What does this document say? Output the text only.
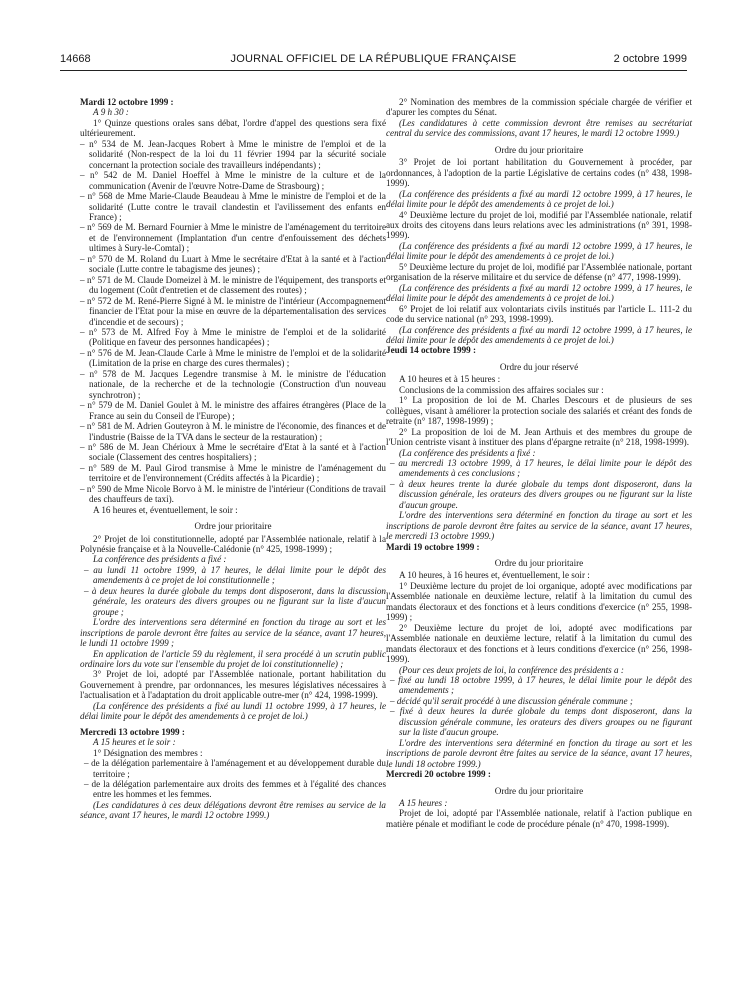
14668	JOURNAL OFFICIEL DE LA RÉPUBLIQUE FRANÇAISE	2 octobre 1999

Mardi 12 octobre 1999 :

A 9 h 30 :

1° Quinze questions orales sans débat, l'ordre d'appel des questions sera fixé ultérieurement.

– n° 534 de M. Jean-Jacques Robert à Mme le ministre de l'emploi et de la solidarité (Non-respect de la loi du 11 février 1994 par la sécurité sociale concernant la protection sociale des travailleurs indépendants) ;

– n° 542 de M. Daniel Hoeffel à Mme le ministre de la culture et de la communication (Avenir de l'œuvre Notre-Dame de Strasbourg) ;

– n° 568 de Mme Marie-Claude Beaudeau à Mme le ministre de l'emploi et de la solidarité (Lutte contre le travail clandestin et l'avilissement des enfants en France) ;

– n° 569 de M. Bernard Fournier à Mme le ministre de l'aménagement du territoire et de l'environnement (Implantation d'un centre d'enfouissement des déchets ultimes à Sury-le-Comtal) ;

– n° 570 de M. Roland du Luart à Mme le secrétaire d'Etat à la santé et à l'action sociale (Lutte contre le tabagisme des jeunes) ;

– n° 571 de M. Claude Domeizel à M. le ministre de l'équipement, des transports et du logement (Coût d'entretien et de classement des routes) ;

– n° 572 de M. René-Pierre Signé à M. le ministre de l'intérieur (Accompagnement financier de l'Etat pour la mise en œuvre de la départementalisation des services d'incendie et de secours) ;

– n° 573 de M. Alfred Foy à Mme le ministre de l'emploi et de la solidarité (Politique en faveur des personnes handicapées) ;

– n° 576 de M. Jean-Claude Carle à Mme le ministre de l'emploi et de la solidarité (Limitation de la prise en charge des cures thermales) ;

– n° 578 de M. Jacques Legendre transmise à M. le ministre de l'éducation nationale, de la recherche et de la technologie (Construction d'un nouveau synchrotron) ;

– n° 579 de M. Daniel Goulet à M. le ministre des affaires étrangères (Place de la France au sein du Conseil de l'Europe) ;

– n° 581 de M. Adrien Gouteyron à M. le ministre de l'économie, des finances et de l'industrie (Baisse de la TVA dans le secteur de la restauration) ;

– n° 586 de M. Jean Chérioux à Mme le secrétaire d'Etat à la santé et à l'action sociale (Classement des centres hospitaliers) ;

– n° 589 de M. Paul Girod transmise à Mme le ministre de l'aménagement du territoire et de l'environnement (Crédits affectés à la Picardie) ;

– n° 590 de Mme Nicole Borvo à M. le ministre de l'intérieur (Conditions de travail des chauffeurs de taxi).

A 16 heures et, éventuellement, le soir :

Ordre jour prioritaire

2° Projet de loi constitutionnelle, adopté par l'Assemblée nationale, relatif à la Polynésie française et à la Nouvelle-Calédonie (n° 425, 1998-1999) ;

La conférence des présidents a fixé :

– au lundi 11 octobre 1999, à 17 heures, le délai limite pour le dépôt des amendements à ce projet de loi constitutionnelle ;

– à deux heures la durée globale du temps dont disposeront, dans la discussion générale, les orateurs des divers groupes ou ne figurant sur la liste d'aucun groupe ;

L'ordre des interventions sera déterminé en fonction du tirage au sort et les inscriptions de parole devront être faites au service de la séance, avant 17 heures, le lundi 11 octobre 1999 ;

En application de l'article 59 du règlement, il sera procédé à un scrutin public ordinaire lors du vote sur l'ensemble du projet de loi constitutionnelle) ;

3° Projet de loi, adopté par l'Assemblée nationale, portant habilitation du Gouvernement à prendre, par ordonnances, les mesures législatives nécessaires à l'actualisation et à l'adaptation du droit applicable outre-mer (n° 424, 1998-1999).

(La conférence des présidents a fixé au lundi 11 octobre 1999, à 17 heures, le délai limite pour le dépôt des amendements à ce projet de loi.)

Mercredi 13 octobre 1999 :

A 15 heures et le soir :

1° Désignation des membres :

– de la délégation parlementaire à l'aménagement et au développement durable du territoire ;

– de la délégation parlementaire aux droits des femmes et à l'égalité des chances entre les hommes et les femmes.

(Les candidatures à ces deux délégations devront être remises au service de la séance, avant 17 heures, le mardi 12 octobre 1999.)

2° Nomination des membres de la commission spéciale chargée de vérifier et d'apurer les comptes du Sénat.

(Les candidatures à cette commission devront être remises au secrétariat central du service des commissions, avant 17 heures, le mardi 12 octobre 1999.)

Ordre du jour prioritaire

3° Projet de loi portant habilitation du Gouvernement à procéder, par ordonnances, à l'adoption de la partie Législative de certains codes (n° 438, 1998-1999).

(La conférence des présidents a fixé au mardi 12 octobre 1999, à 17 heures, le délai limite pour le dépôt des amendements à ce projet de loi.)

4° Deuxième lecture du projet de loi, modifié par l'Assemblée nationale, relatif aux droits des citoyens dans leurs relations avec les administrations (n° 391, 1998-1999).

(La conférence des présidents a fixé au mardi 12 octobre 1999, à 17 heures, le délai limite pour le dépôt des amendements à ce projet de loi.)

5° Deuxième lecture du projet de loi, modifié par l'Assemblée nationale, portant organisation de la réserve militaire et du service de défense (n° 477, 1998-1999).

(La conférence des présidents a fixé au mardi 12 octobre 1999, à 17 heures, le délai limite pour le dépôt des amendements à ce projet de loi.)

6° Projet de loi relatif aux volontariats civils institués par l'article L. 111-2 du code du service national (n° 293, 1998-1999).

(La conférence des présidents a fixé au mardi 12 octobre 1999, à 17 heures, le délai limite pour le dépôt des amendements à ce projet de loi.)

Jeudi 14 octobre 1999 :

Ordre du jour réservé

A 10 heures et à 15 heures :

Conclusions de la commission des affaires sociales sur :

1° La proposition de loi de M. Charles Descours et de plusieurs de ses collègues, visant à améliorer la protection sociale des salariés et créant des fonds de retraite (n° 187, 1998-1999) ;

2° La proposition de loi de M. Jean Arthuis et des membres du groupe de l'Union centriste visant à instituer des plans d'épargne retraite (n° 218, 1998-1999).

(La conférence des présidents a fixé :

– au mercredi 13 octobre 1999, à 17 heures, le délai limite pour le dépôt des amendements à ces conclusions ;

– à deux heures trente la durée globale du temps dont disposeront, dans la discussion générale, les orateurs des divers groupes ou ne figurant sur la liste d'aucun groupe.

L'ordre des interventions sera déterminé en fonction du tirage au sort et les inscriptions de parole devront être faites au service de la séance, avant 17 heures, le mercredi 13 octobre 1999.)

Mardi 19 octobre 1999 :

Ordre du jour prioritaire

A 10 heures, à 16 heures et, éventuellement, le soir :

1° Deuxième lecture du projet de loi organique, adopté avec modifications par l'Assemblée nationale en deuxième lecture, relatif à la limitation du cumul des mandats électoraux et des fonctions et à leurs conditions d'exercice (n° 255, 1998-1999) ;

2° Deuxième lecture du projet de loi, adopté avec modifications par l'Assemblée nationale en deuxième lecture, relatif à la limitation du cumul des mandats électoraux et des fonctions et à leurs conditions d'exercice (n° 256, 1998-1999).

(Pour ces deux projets de loi, la conférence des présidents a :

– fixé au lundi 18 octobre 1999, à 17 heures, le délai limite pour le dépôt des amendements ;

– décidé qu'il serait procédé à une discussion générale commune ;

– fixé à deux heures la durée globale du temps dont disposeront, dans la discussion générale commune, les orateurs des divers groupes ou ne figurant sur la liste d'aucun groupe.

L'ordre des interventions sera déterminé en fonction du tirage au sort et les inscriptions de parole devront être faites au service de la séance, avant 17 heures, le lundi 18 octobre 1999.)

Mercredi 20 octobre 1999 :

Ordre du jour prioritaire

A 15 heures :

Projet de loi, adopté par l'Assemblée nationale, relatif à l'action publique en matière pénale et modifiant le code de procédure pénale (n° 470, 1998-1999).
